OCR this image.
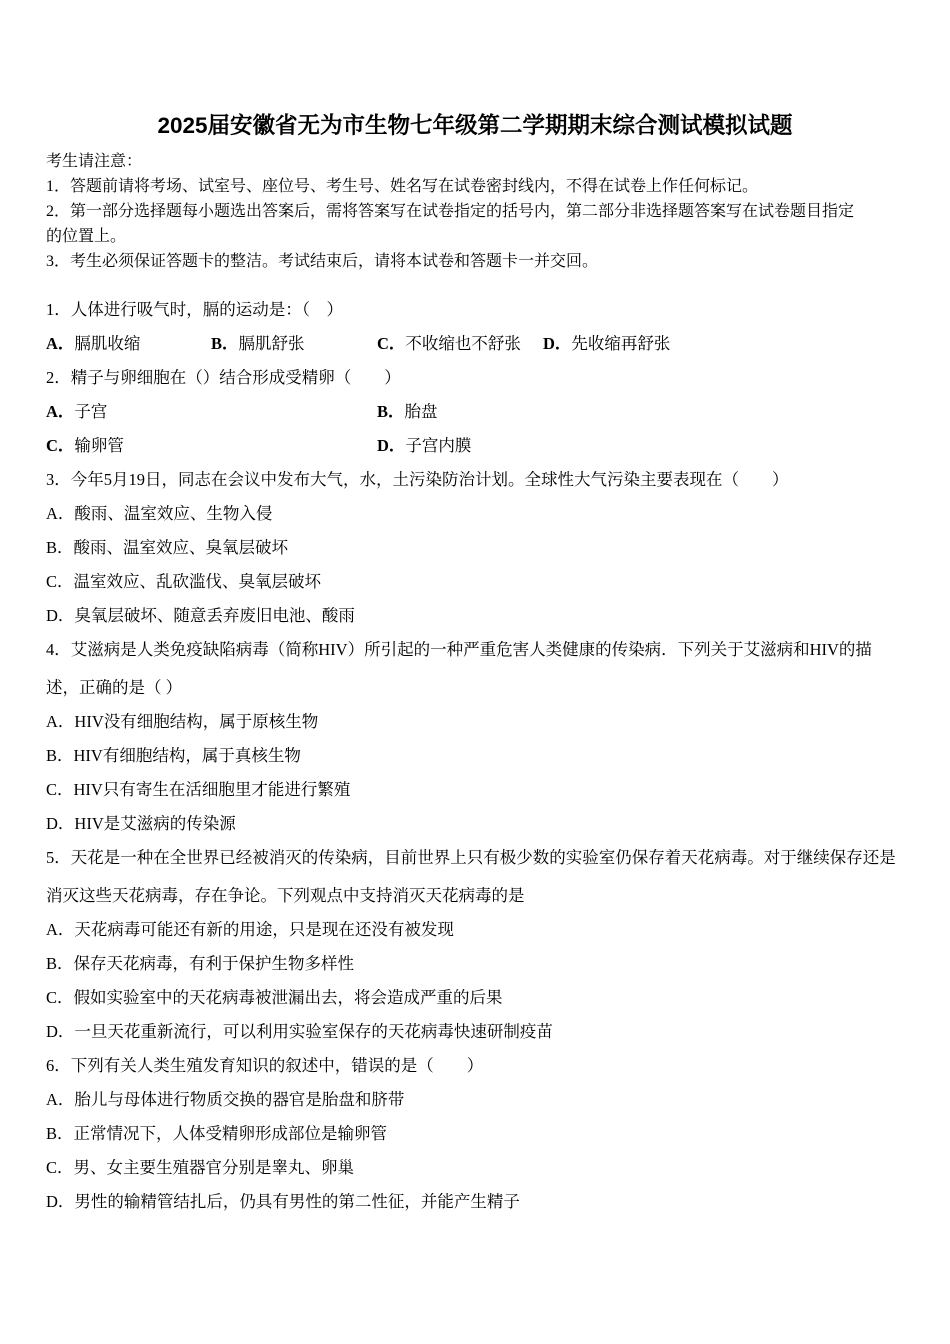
2025届安徽省无为市生物七年级第二学期期末综合测试模拟试题
考生请注意：
1．答题前请将考场、试室号、座位号、考生号、姓名写在试卷密封线内，不得在试卷上作任何标记。
2．第一部分选择题每小题选出答案后，需将答案写在试卷指定的括号内，第二部分非选择题答案写在试卷题目指定
的位置上。
3．考生必须保证答题卡的整洁。考试结束后，请将本试卷和答题卡一并交回。
1．人体进行吸气时，膈的运动是：（　）
A．膈肌收缩	B．膈肌舒张	C．不收缩也不舒张	D．先收缩再舒张
2．精子与卵细胞在（）结合形成受精卵（　　）
A．子宫	B．胎盘
C．输卵管	D．子宫内膜
3．今年5月19日，同志在会议中发布大气，水，土污染防治计划。全球性大气污染主要表现在（　　）
A． 酸雨、温室效应、生物入侵
B． 酸雨、温室效应、臭氧层破坏
C． 温室效应、乱砍滥伐、臭氧层破坏
D． 臭氧层破坏、随意丢弃废旧电池、酸雨
4．艾滋病是人类免疫缺陷病毒（简称HIV）所引起的一种严重危害人类健康的传染病．下列关于艾滋病和HIV的描
述，正确的是（ ）
A． HIV没有细胞结构，属于原核生物
B． HIV有细胞结构，属于真核生物
C． HIV只有寄生在活细胞里才能进行繁殖
D． HIV是艾滋病的传染源
5．天花是一种在全世界已经被消灭的传染病，目前世界上只有极少数的实验室仍保存着天花病毒。对于继续保存还是
消灭这些天花病毒，存在争论。下列观点中支持消灭天花病毒的是
A． 天花病毒可能还有新的用途，只是现在还没有被发现
B． 保存天花病毒，有利于保护生物多样性
C． 假如实验室中的天花病毒被泄漏出去，将会造成严重的后果
D． 一旦天花重新流行，可以利用实验室保存的天花病毒快速研制疫苗
6．下列有关人类生殖发育知识的叙述中，错误的是（　　）
A． 胎儿与母体进行物质交换的器官是胎盘和脐带
B． 正常情况下，人体受精卵形成部位是输卵管
C． 男、女主要生殖器官分别是睾丸、卵巢
D． 男性的输精管结扎后，仍具有男性的第二性征，并能产生精子
